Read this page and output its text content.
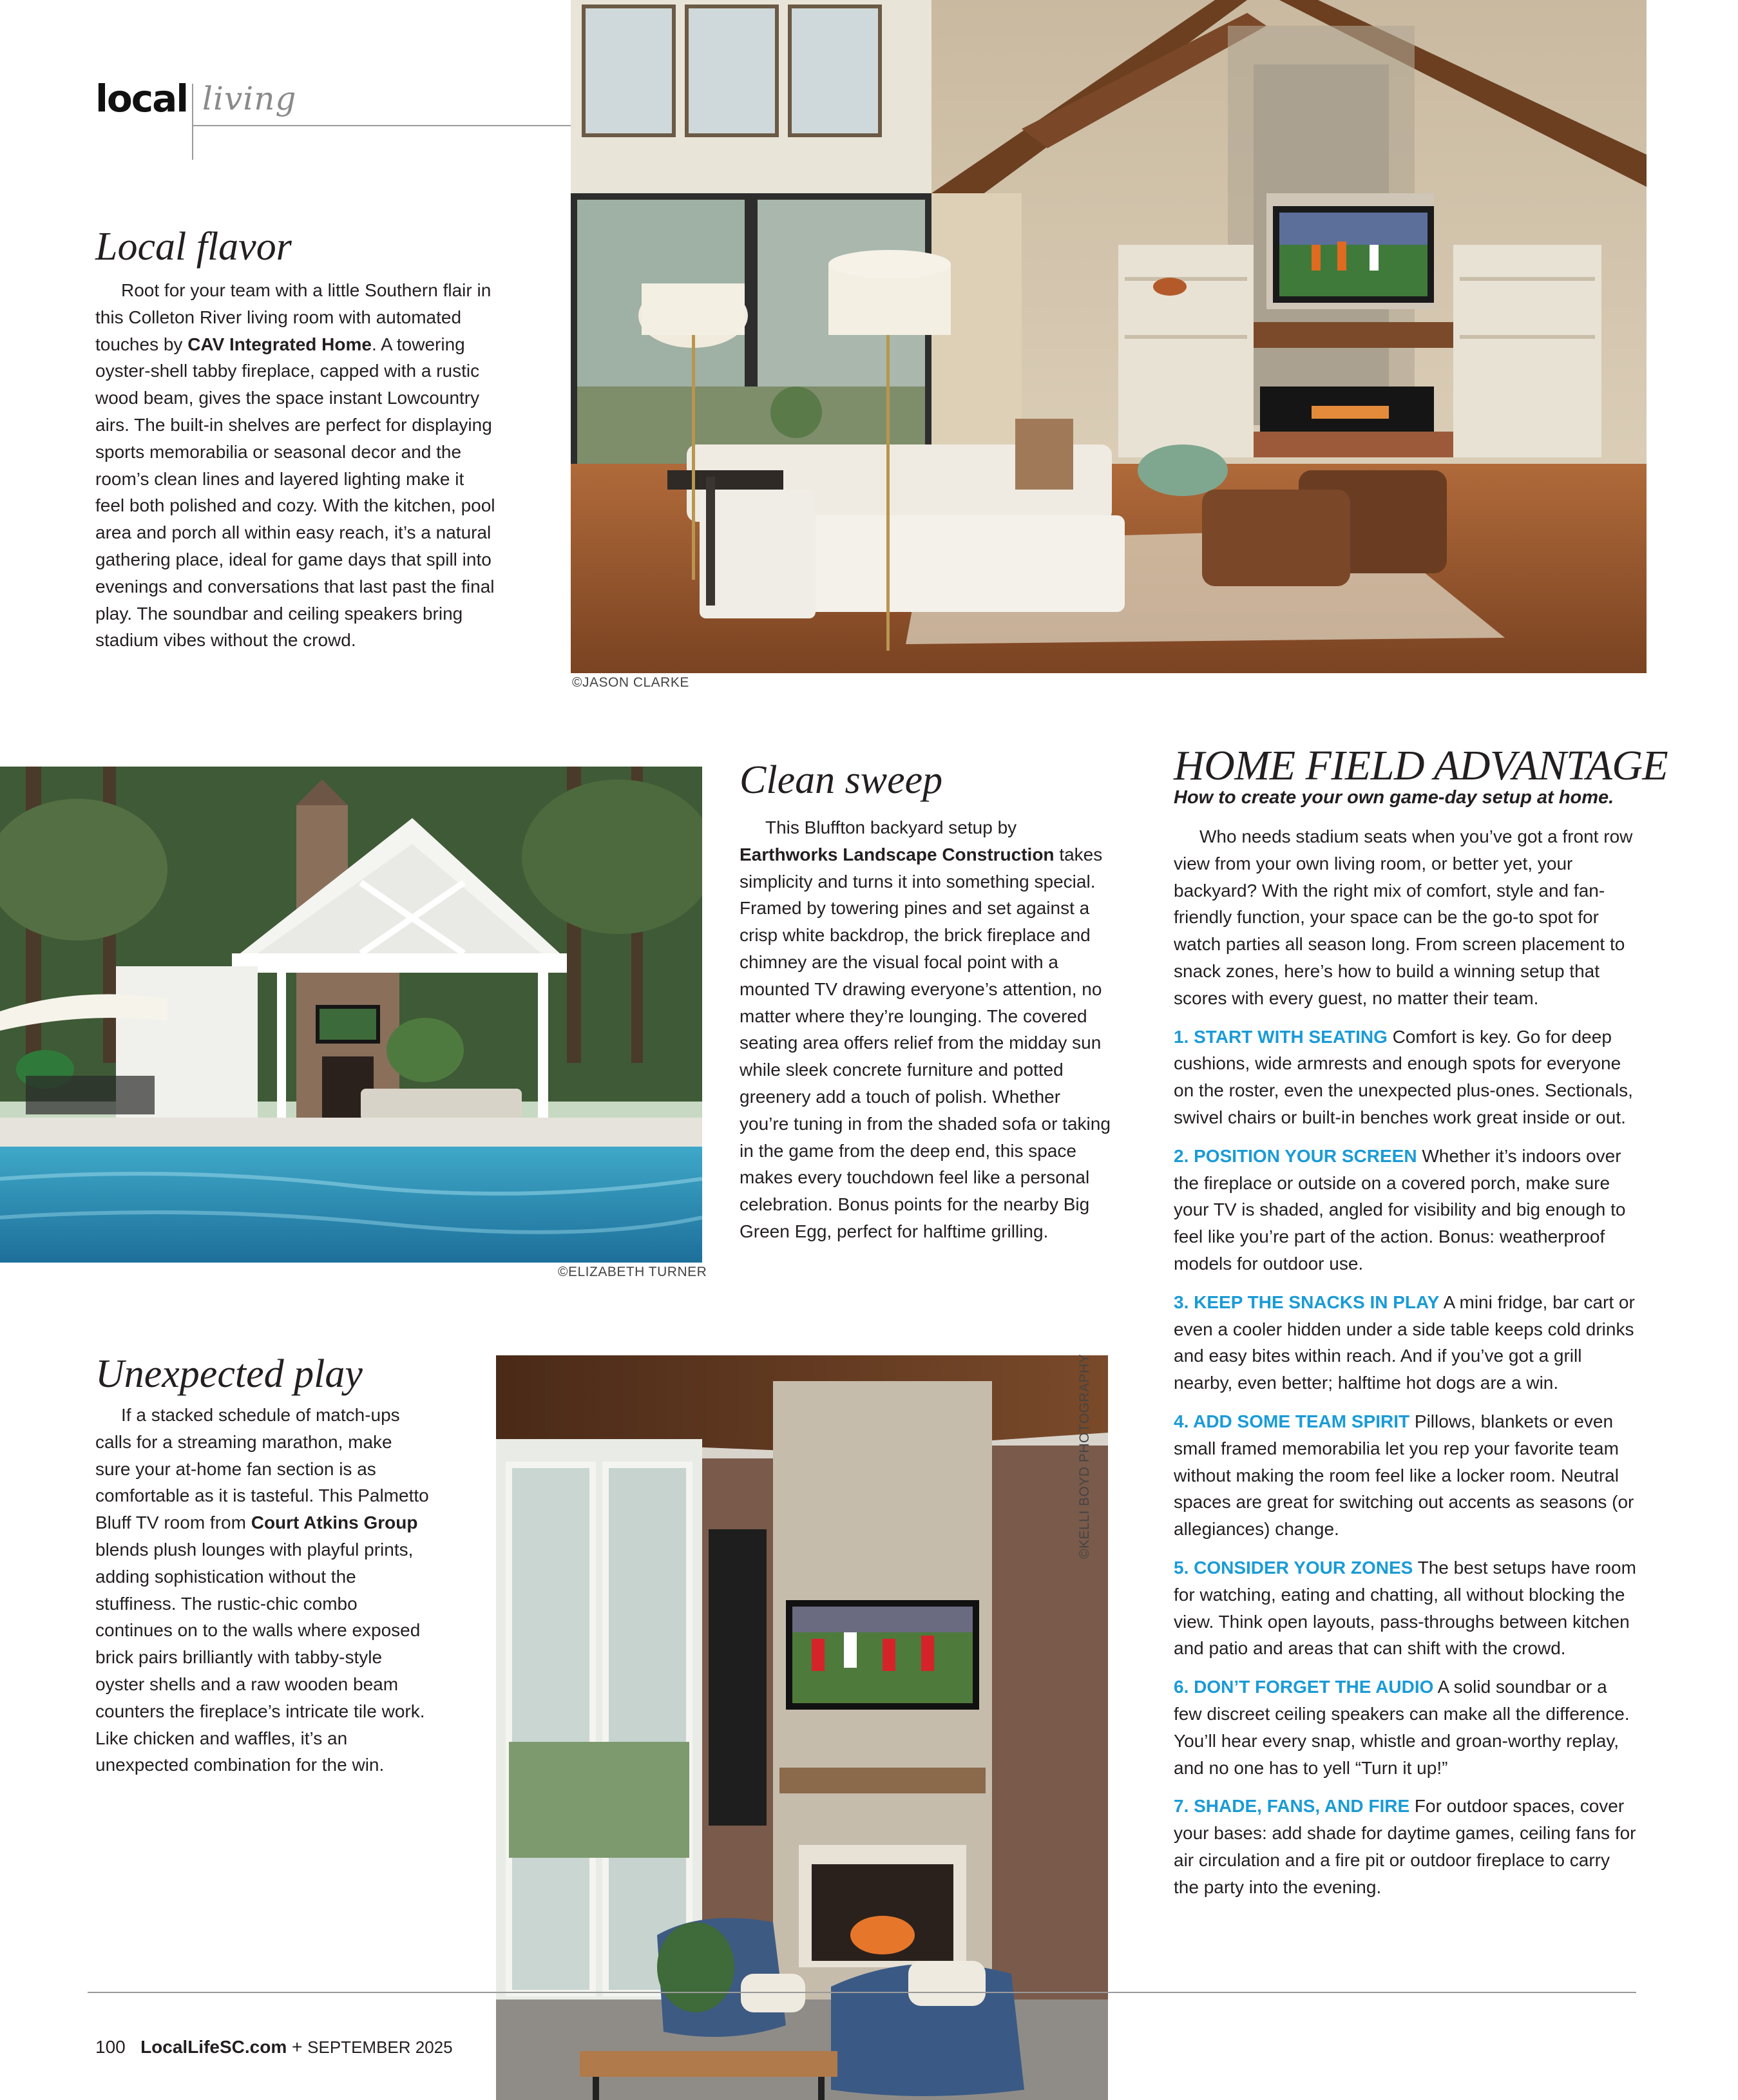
local living
©JASON CLARKE
Local flavor

Root for your team with a little Southern flair in this Colleton River living room with automated touches by CAV Integrated Home. A towering oyster-shell tabby fireplace, capped with a rustic wood beam, gives the space instant Lowcountry airs. The built-in shelves are perfect for displaying sports memorabilia or seasonal decor and the room’s clean lines and layered lighting make it feel both polished and cozy. With the kitchen, pool area and porch all within easy reach, it’s a natural gathering place, ideal for game days that spill into evenings and conversations that last past the final play. The soundbar and ceiling speakers bring stadium vibes without the crowd.

©ELIZABETH TURNER
Clean sweep

This Bluffton backyard setup by Earthworks Landscape Construction takes simplicity and turns it into something special. Framed by towering pines and set against a crisp white backdrop, the brick fireplace and chimney are the visual focal point with a mounted TV drawing everyone’s attention, no matter where they’re lounging. The covered seating area offers relief from the midday sun while sleek concrete furniture and potted greenery add a touch of polish. Whether you’re tuning in from the shaded sofa or taking in the game from the deep end, this space makes every touchdown feel like a personal celebration. Bonus points for the nearby Big Green Egg, perfect for halftime grilling.

HOME FIELD ADVANTAGE
How to create your own game-day setup at home.

Who needs stadium seats when you’ve got a front row view from your own living room, or better yet, your backyard? With the right mix of comfort, style and fan-friendly function, your space can be the go-to spot for watch parties all season long. From screen placement to snack zones, here’s how to build a winning setup that scores with every guest, no matter their team.

1. START WITH SEATING Comfort is key. Go for deep cushions, wide armrests and enough spots for everyone on the roster, even the unexpected plus-ones. Sectionals, swivel chairs or built-in benches work great inside or out.

2. POSITION YOUR SCREEN Whether it’s indoors over the fireplace or outside on a covered porch, make sure your TV is shaded, angled for visibility and big enough to feel like you’re part of the action. Bonus: weatherproof models for outdoor use.

3. KEEP THE SNACKS IN PLAY A mini fridge, bar cart or even a cooler hidden under a side table keeps cold drinks and easy bites within reach. And if you’ve got a grill nearby, even better; halftime hot dogs are a win.

4. ADD SOME TEAM SPIRIT Pillows, blankets or even small framed memorabilia let you rep your favorite team without making the room feel like a locker room. Neutral spaces are great for switching out accents as seasons (or allegiances) change.

5. CONSIDER YOUR ZONES The best setups have room for watching, eating and chatting, all without blocking the view. Think open layouts, pass-throughs between kitchen and patio and areas that can shift with the crowd.

6. DON’T FORGET THE AUDIO A solid soundbar or a few discreet ceiling speakers can make all the difference. You’ll hear every snap, whistle and groan-worthy replay, and no one has to yell “Turn it up!”

7. SHADE, FANS, AND FIRE For outdoor spaces, cover your bases: add shade for daytime games, ceiling fans for air circulation and a fire pit or outdoor fireplace to carry the party into the evening.

Unexpected play

If a stacked schedule of match-ups calls for a streaming marathon, make sure your at-home fan section is as comfortable as it is tasteful. This Palmetto Bluff TV room from Court Atkins Group blends plush lounges with playful prints, adding sophistication without the stuffiness. The rustic-chic combo continues on to the walls where exposed brick pairs brilliantly with tabby-style oyster shells and a raw wooden beam counters the fireplace’s intricate tile work. Like chicken and waffles, it’s an unexpected combination for the win.

©KELLI BOYD PHOTOGRAPHY
100 LocalLifeSC.com + SEPTEMBER 2025
